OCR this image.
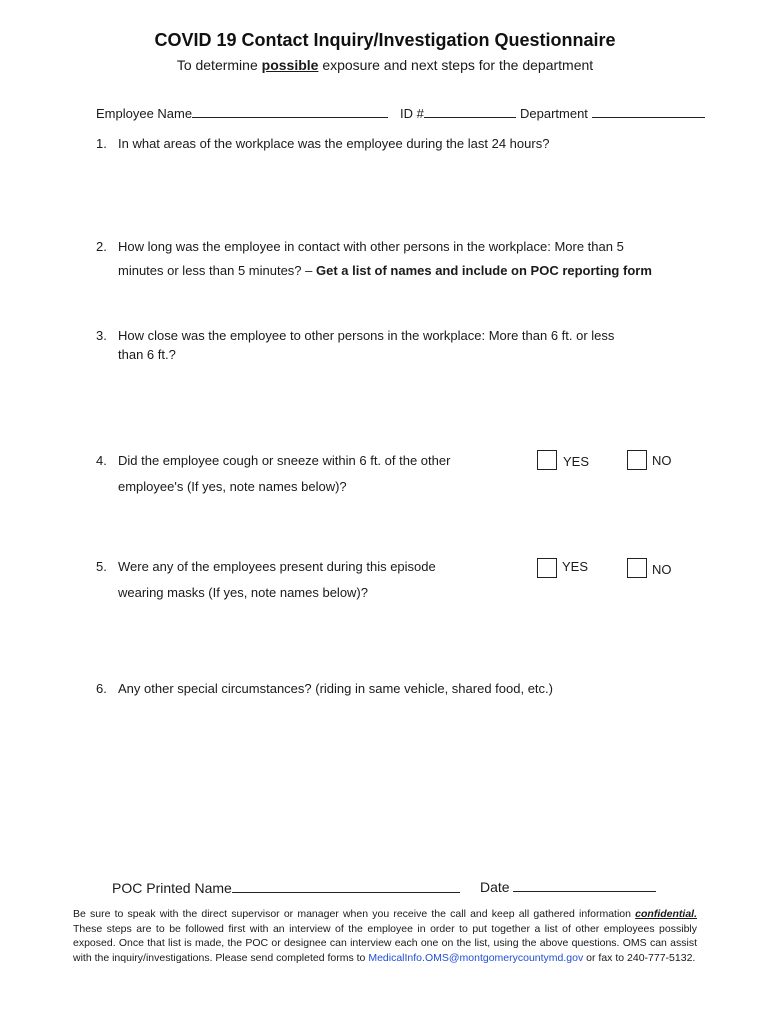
COVID 19 Contact Inquiry/Investigation Questionnaire
To determine possible exposure and next steps for the department
Employee Name	ID #	Department
1. In what areas of the workplace was the employee during the last 24 hours?
2. How long was the employee in contact with other persons in the workplace: More than 5
minutes or less than 5 minutes? – Get a list of names and include on POC reporting form
3. How close was the employee to other persons in the workplace: More than 6 ft. or less
than 6 ft.?
4. Did the employee cough or sneeze within 6 ft. of the other
employee's (If yes, note names below)?
YES	NO
5. Were any of the employees present during this episode
wearing masks (If yes, note names below)?
YES	NO
6. Any other special circumstances? (riding in same vehicle, shared food, etc.)
POC Printed Name	Date
Be sure to speak with the direct supervisor or manager when you receive the call and keep all gathered information confidential. These steps are to be followed first with an interview of the employee in order to put together a list of other employees possibly exposed. Once that list is made, the POC or designee can interview each one on the list, using the above questions. OMS can assist with the inquiry/investigations. Please send completed forms to MedicalInfo.OMS@montgomerycountymd.gov or fax to 240-777-5132.
